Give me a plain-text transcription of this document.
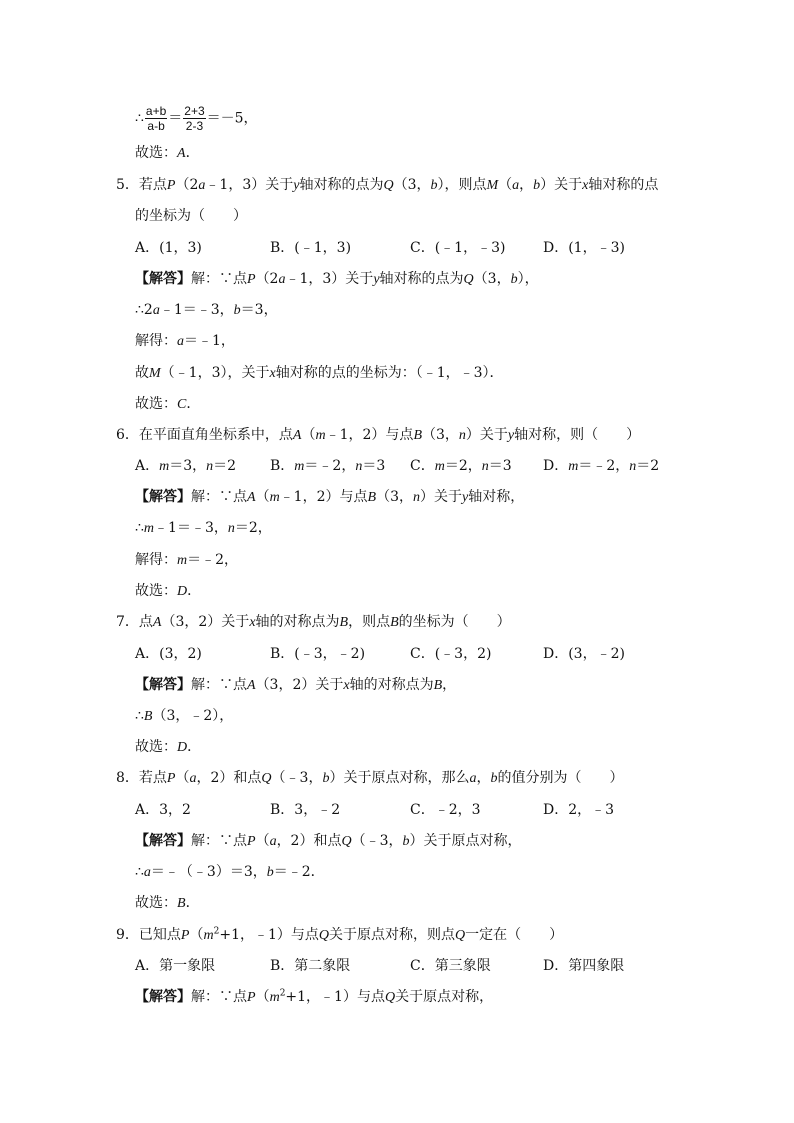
∴ $\frac{a+b}{a-b} = \frac{2+3}{2-3} =-5$，
故选：A．
5．若点P（2a﹣1，3）关于y轴对称的点为Q（3，b），则点M（a，b）关于x轴对称的点
的坐标为（　　）
A．(1，3)	B．(﹣1，3)	C．(﹣1，﹣3)	D．(1，﹣3)
【解答】解：∵点P（2a﹣1，3）关于y轴对称的点为Q（3，b），
∴2a﹣1＝﹣3，b＝3，
解得：a＝﹣1，
故M（﹣1，3），关于x轴对称的点的坐标为：（﹣1，﹣3）．
故选：C．
6．在平面直角坐标系中，点A（m﹣1，2）与点B（3，n）关于y轴对称，则（　　）
A．m＝3，n＝2 B．m＝﹣2，n＝3 C．m＝2，n＝3 D．m＝﹣2，n＝2
【解答】解：∵点A（m﹣1，2）与点B（3，n）关于y轴对称，
∴m﹣1＝﹣3，n＝2，
解得：m＝﹣2，
故选：D．
7．点A（3，2）关于x轴的对称点为B，则点B的坐标为（　　）
A．(3，2)	B．(﹣3，﹣2)	C．(﹣3，2)	D．(3，﹣2)
【解答】解：∵点A（3，2）关于x轴的对称点为B，
∴B（3，﹣2），
故选：D．
8．若点P（a，2）和点Q（﹣3，b）关于原点对称，那么a，b的值分别为（　　）
A．3，2	B．3，﹣2	C．﹣2，3	D．2，﹣3
【解答】解：∵点P（a，2）和点Q（﹣3，b）关于原点对称，
∴a＝﹣（﹣3）＝3，b＝﹣2．
故选：B．
9．已知点$P(m^2+1$，﹣1）与点Q关于原点对称，则点Q一定在（　　）
A．第一象限	B．第二象限	C．第三象限	D．第四象限
【解答】解：∵点$P(m^2+1$，﹣1）与点Q关于原点对称，
